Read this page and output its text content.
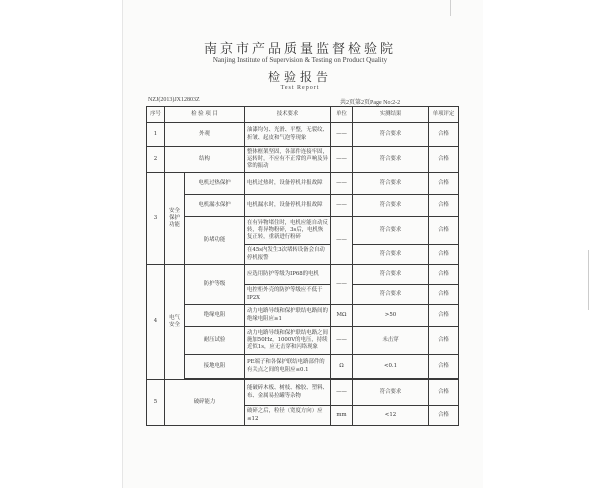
南京市产品质量监督检验院
Nanjing Institute of Supervision & Testing on Product Quality
检验报告
Test Report
NZJ(2013)JX12803Z	共2页第2页Page No:2-2
序号	检 验 项 目		技术要求	单位	实测结果	单项评定
1	外观		油漆均匀、光滑、平整，无裂纹、折皱、起皮和气泡等现象	——	符合要求	合格
2	结构		整体框架坚固，各部件连接牢固，运转时，不应有不正常的声响及异常的振动	——	符合要求	合格
3	安全保护功能	电机过热保护	电机过热时，设备停机并报故障	——	符合要求	合格
		电机漏水保护	电机漏水时，设备停机并报故障	——	符合要求	合格
		防堵功能	在有异物堵住时，电机应能自动反转，将异物粉碎，3s后，电机恢复正转，重新进行粉碎	——	符合要求	合格
			在45s内发生3次堵转设备会自动停机报警		符合要求	合格
4	电气安全	防护等级	应选用防护等级为IP68的电机	——	符合要求	合格
			电控柜外壳的防护等级应不低于IP2X		符合要求	合格
		绝缘电阻	动力电路导线和保护联结电路间的绝缘电阻应≥1	MΩ	>50	合格
		耐压试验	动力电路导线和保护联结电路之间施加50Hz，1000V的电压，持续近似1s，应无击穿和闪络现象	——	未击穿	合格
		接地电阻	PE端子和各保护联结电路部件的有关点之间的电阻应≤0.1	Ω	<0.1	合格

5	破碎能力		能破碎木板、树枝、橡胶、塑料、布、金属易拉罐等杂物	——	符合要求	合格
			破碎之后，粒径（宽度方向）应≤12	mm	<12	合格
